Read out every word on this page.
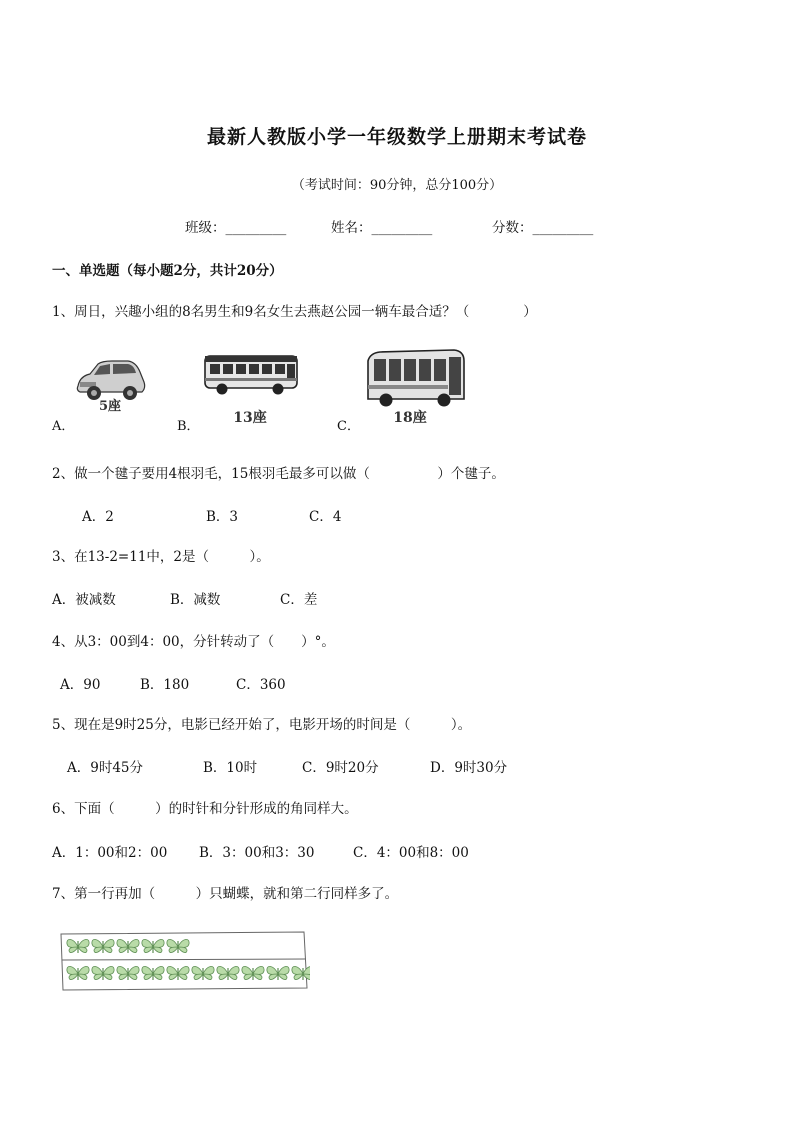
最新人教版小学一年级数学上册期末考试卷
（考试时间：90分钟，总分100分）
班级：_________	姓名：_________	分数：_________
一、单选题（每小题2分，共计20分）
1、周日，兴趣小组的8名男生和9名女生去燕赵公园一辆车最合适？（　　　　）
5座
A．
13座
B．
18座
C．
2、做一个毽子要用4根羽毛，15根羽毛最多可以做（　　　　　）个毽子。
A．2	B．3	C．4
3、在13-2=11中，2是（　　　）。
A．被减数	B．减数	C．差
4、从3：00到4：00，分针转动了（　　）°。
A．90	B．180	C．360
5、现在是9时25分，电影已经开始了，电影开场的时间是（　　　）。
A．9时45分	B．10时	C．9时20分	D．9时30分
6、下面（　　　）的时针和分针形成的角同样大。
A．1：00和2：00 B．3：00和3：30	C．4：00和8：00
7、第一行再加（　　　）只蝴蝶，就和第二行同样多了。
